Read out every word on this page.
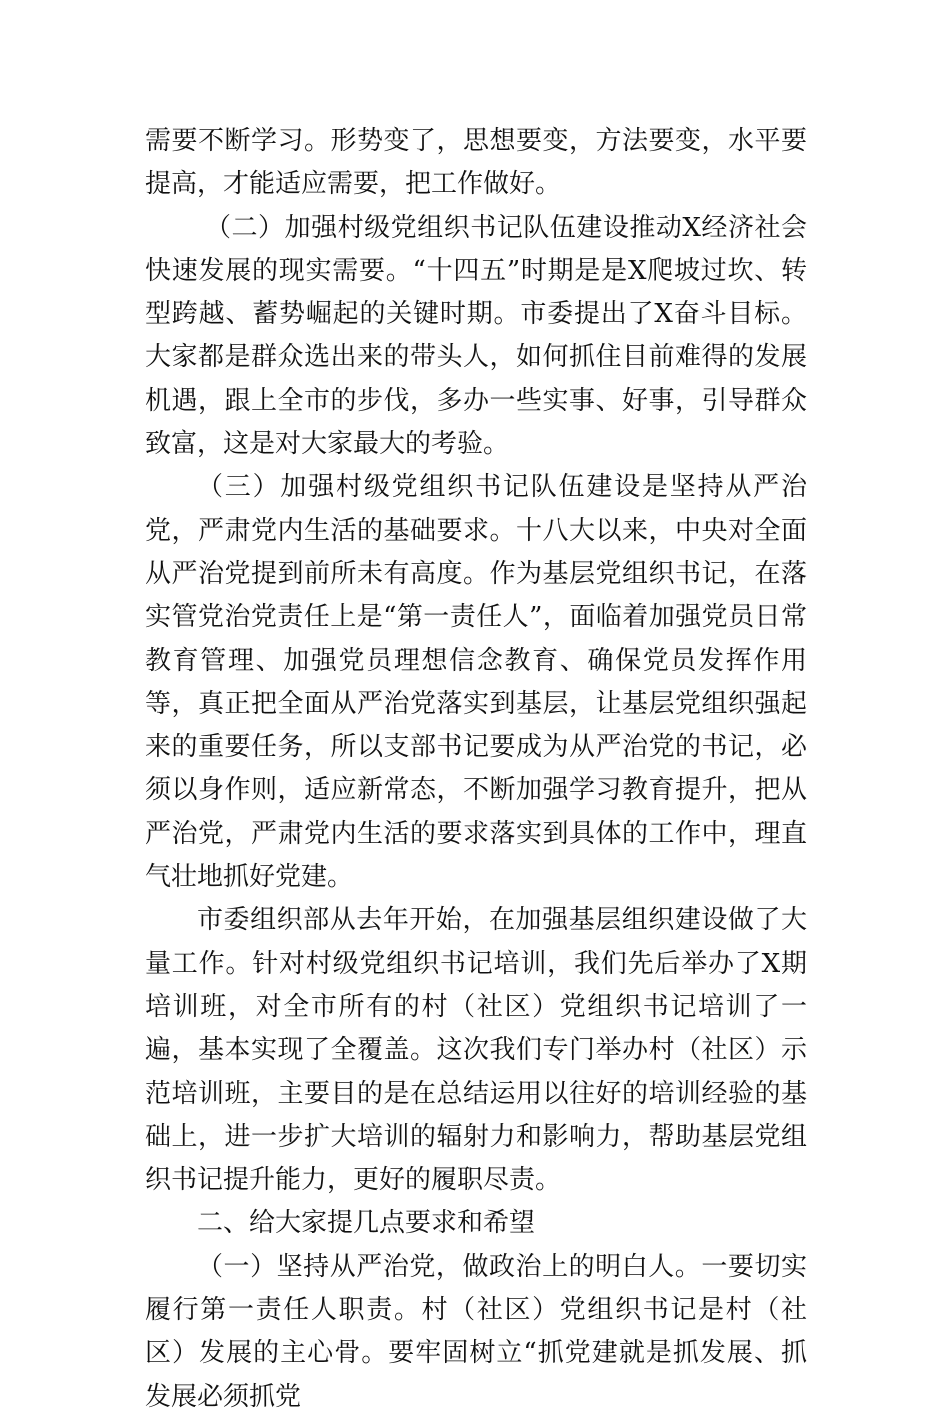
需要不断学习。形势变了，思想要变，方法要变，水平要提高，才能适应需要，把工作做好。

（二）加强村级党组织书记队伍建设推动X经济社会快速发展的现实需要。“十四五”时期是是X爬坡过坎、转型跨越、蓄势崛起的关键时期。市委提出了X奋斗目标。大家都是群众选出来的带头人，如何抓住目前难得的发展机遇，跟上全市的步伐，多办一些实事、好事，引导群众致富，这是对大家最大的考验。

（三）加强村级党组织书记队伍建设是坚持从严治党，严肃党内生活的基础要求。十八大以来，中央对全面从严治党提到前所未有高度。作为基层党组织书记，在落实管党治党责任上是“第一责任人”，面临着加强党员日常教育管理、加强党员理想信念教育、确保党员发挥作用等，真正把全面从严治党落实到基层，让基层党组织强起来的重要任务，所以支部书记要成为从严治党的书记，必须以身作则，适应新常态，不断加强学习教育提升，把从严治党，严肃党内生活的要求落实到具体的工作中，理直气壮地抓好党建。

市委组织部从去年开始，在加强基层组织建设做了大量工作。针对村级党组织书记培训，我们先后举办了X期培训班，对全市所有的村（社区）党组织书记培训了一遍，基本实现了全覆盖。这次我们专门举办村（社区）示范培训班，主要目的是在总结运用以往好的培训经验的基础上，进一步扩大培训的辐射力和影响力，帮助基层党组织书记提升能力，更好的履职尽责。

二、给大家提几点要求和希望

（一）坚持从严治党，做政治上的明白人。一要切实履行第一责任人职责。村（社区）党组织书记是村（社区）发展的主心骨。要牢固树立“抓党建就是抓发展、抓发展必须抓党
